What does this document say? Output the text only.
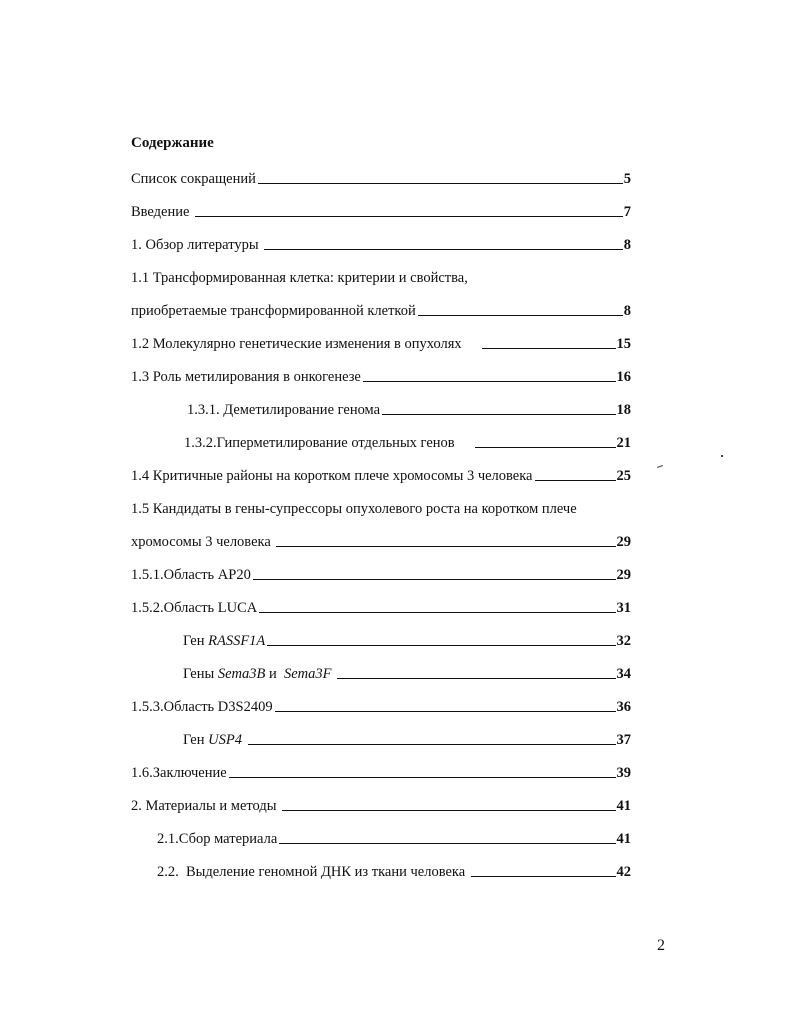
Содержание
Список сокращений	5
Введение	7
1. Обзор литературы	8
1.1 Трансформированная клетка: критерии и свойства,
приобретаемые трансформированной клеткой	8
1.2 Молекулярно генетические изменения в опухолях	15
1.3 Роль метилирования в онкогенезе	16
1.3.1. Деметилирование генома	18
1.3.2.Гиперметилирование отдельных генов	21
1.4 Критичные районы на коротком плече хромосомы 3 человека	25
1.5 Кандидаты в гены-супрессоры опухолевого роста на коротком плече
хромосомы 3 человека	29
1.5.1.Область АР20	29
1.5.2.Область LUCA	31
Ген RASSF1A	32
Гены Sema3B и  Sema3F	34
1.5.3.Область D3S2409	36
Ген USP4	37
1.6.Заключение	39
2. Материалы и методы	41
2.1.Сбор материала	41
2.2.  Выделение геномной ДНК из ткани человека	42
2
